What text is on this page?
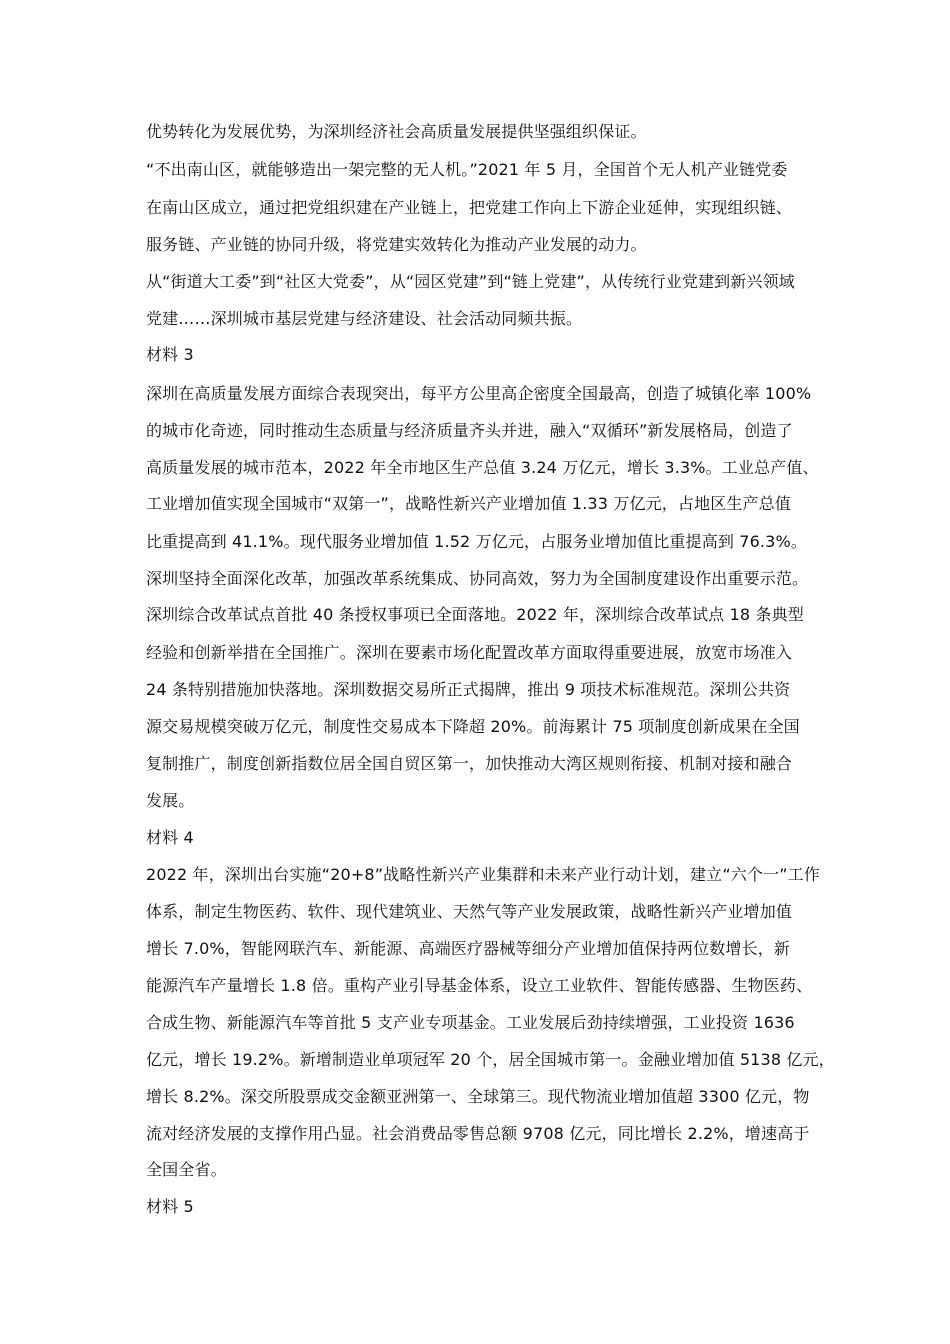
优势转化为发展优势，为深圳经济社会高质量发展提供坚强组织保证。
“不出南山区，就能够造出一架完整的无人机。”2021 年 5 月，全国首个无人机产业链党委
在南山区成立，通过把党组织建在产业链上，把党建工作向上下游企业延伸，实现组织链、
服务链、产业链的协同升级，将党建实效转化为推动产业发展的动力。
从“街道大工委”到“社区大党委”，从“园区党建”到“链上党建”，从传统行业党建到新兴领域
党建……深圳城市基层党建与经济建设、社会活动同频共振。
材料 3
深圳在高质量发展方面综合表现突出，每平方公里高企密度全国最高，创造了城镇化率 100%
的城市化奇迹，同时推动生态质量与经济质量齐头并进，融入“双循环”新发展格局，创造了
高质量发展的城市范本，2022 年全市地区生产总值 3.24 万亿元，增长 3.3%。工业总产值、
工业增加值实现全国城市“双第一”，战略性新兴产业增加值 1.33 万亿元，占地区生产总值
比重提高到 41.1%。现代服务业增加值 1.52 万亿元，占服务业增加值比重提高到 76.3%。
深圳坚持全面深化改革，加强改革系统集成、协同高效，努力为全国制度建设作出重要示范。
深圳综合改革试点首批 40 条授权事项已全面落地。2022 年，深圳综合改革试点 18 条典型
经验和创新举措在全国推广。深圳在要素市场化配置改革方面取得重要进展，放宽市场准入
24 条特别措施加快落地。深圳数据交易所正式揭牌，推出 9 项技术标准规范。深圳公共资
源交易规模突破万亿元，制度性交易成本下降超 20%。前海累计 75 项制度创新成果在全国
复制推广，制度创新指数位居全国自贸区第一，加快推动大湾区规则衔接、机制对接和融合
发展。
材料 4
2022 年，深圳出台实施“20+8”战略性新兴产业集群和未来产业行动计划，建立“六个一”工作
体系，制定生物医药、软件、现代建筑业、天然气等产业发展政策，战略性新兴产业增加值
增长 7.0%，智能网联汽车、新能源、高端医疗器械等细分产业增加值保持两位数增长，新
能源汽车产量增长 1.8 倍。重构产业引导基金体系，设立工业软件、智能传感器、生物医药、
合成生物、新能源汽车等首批 5 支产业专项基金。工业发展后劲持续增强，工业投资 1636
亿元，增长 19.2%。新增制造业单项冠军 20 个，居全国城市第一。金融业增加值 5138 亿元，
增长 8.2%。深交所股票成交金额亚洲第一、全球第三。现代物流业增加值超 3300 亿元，物
流对经济发展的支撑作用凸显。社会消费品零售总额 9708 亿元，同比增长 2.2%，增速高于
全国全省。
材料 5
